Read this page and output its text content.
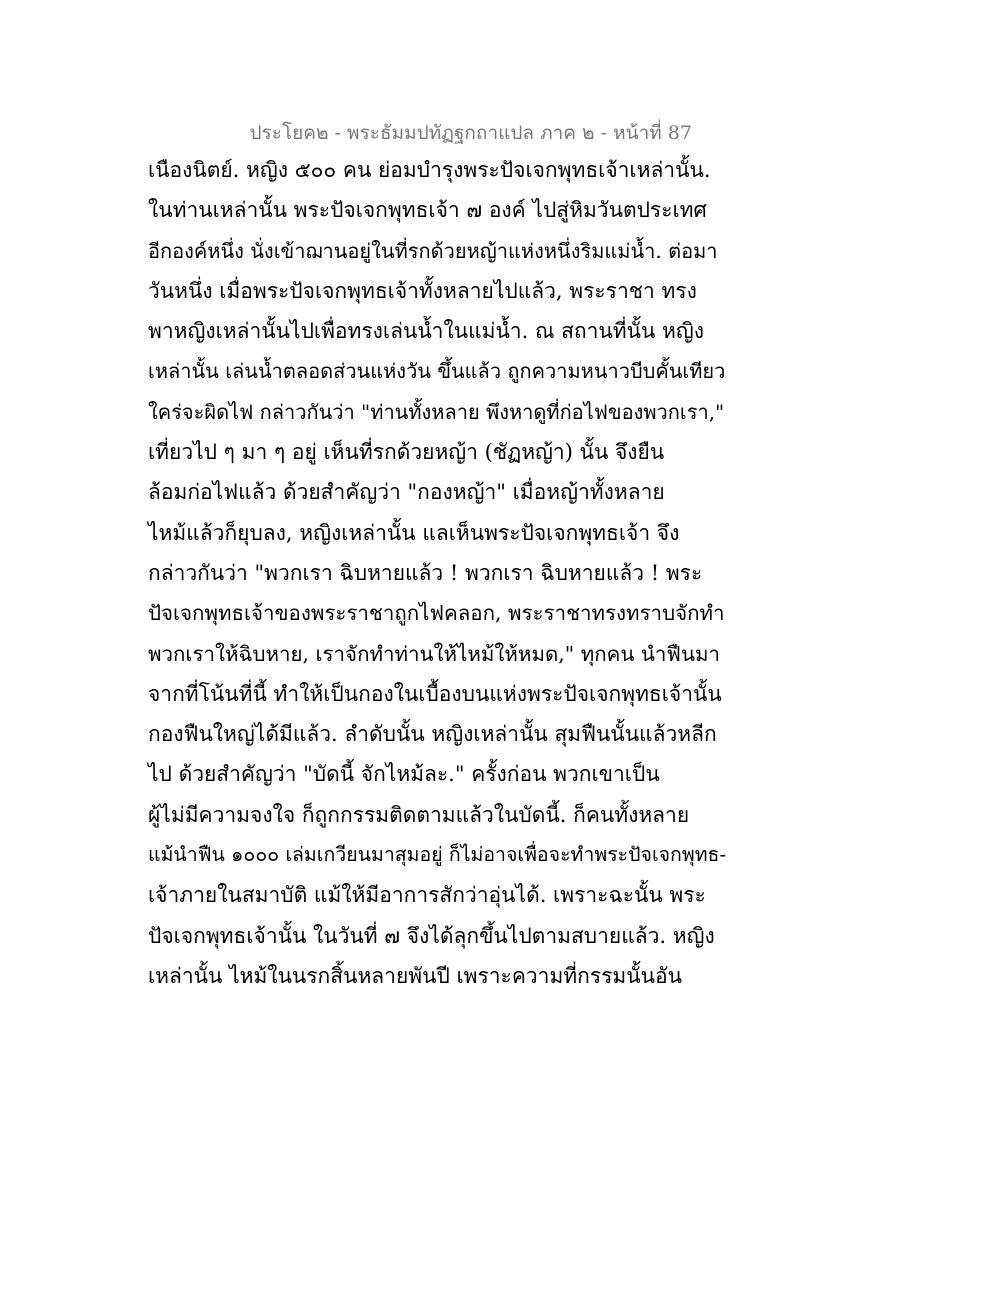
ประโยค๒ - พระธัมมปทัฏฐกถาแปล ภาค ๒ - หน้าที่ 87
เนืองนิตย์. หญิง ๕๐๐ คน ย่อมบำรุงพระปัจเจกพุทธเจ้าเหล่านั้น.
ในท่านเหล่านั้น พระปัจเจกพุทธเจ้า ๗ องค์ ไปสู่หิมวันตประเทศ
อีกองค์หนึ่ง นั่งเข้าฌานอยู่ในที่รกด้วยหญ้าแห่งหนึ่งริมแม่น้ำ. ต่อมา
วันหนึ่ง เมื่อพระปัจเจกพุทธเจ้าทั้งหลายไปแล้ว, พระราชา ทรง
พาหญิงเหล่านั้นไปเพื่อทรงเล่นน้ำในแม่น้ำ. ณ สถานที่นั้น หญิง
เหล่านั้น เล่นน้ำตลอดส่วนแห่งวัน ขึ้นแล้ว ถูกความหนาวบีบคั้นเทียว
ใคร่จะผิดไฟ กล่าวกันว่า "ท่านทั้งหลาย พึงหาดูที่ก่อไฟของพวกเรา,"
เที่ยวไป ๆ มา ๆ อยู่ เห็นที่รกด้วยหญ้า (ชัฏหญ้า) นั้น จึงยืน
ล้อมก่อไฟแล้ว ด้วยสำคัญว่า "กองหญ้า" เมื่อหญ้าทั้งหลาย
ไหม้แล้วก็ยุบลง, หญิงเหล่านั้น แลเห็นพระปัจเจกพุทธเจ้า จึง
กล่าวกันว่า "พวกเรา ฉิบหายแล้ว ! พวกเรา ฉิบหายแล้ว ! พระ
ปัจเจกพุทธเจ้าของพระราชาถูกไฟคลอก, พระราชาทรงทราบจักทำ
พวกเราให้ฉิบหาย, เราจักทำท่านให้ไหม้ให้หมด," ทุกคน นำฟืนมา
จากที่โน้นที่นี้ ทำให้เป็นกองในเบื้องบนแห่งพระปัจเจกพุทธเจ้านั้น
กองฟืนใหญ่ได้มีแล้ว. ลำดับนั้น หญิงเหล่านั้น สุมฟืนนั้นแล้วหลีก
ไป ด้วยสำคัญว่า "บัดนี้ จักไหม้ละ." ครั้งก่อน พวกเขาเป็น
ผู้ไม่มีความจงใจ ก็ถูกกรรมติดตามแล้วในบัดนี้. ก็คนทั้งหลาย
แม้นำฟืน ๑๐๐๐ เล่มเกวียนมาสุมอยู่ ก็ไม่อาจเพื่อจะทำพระปัจเจกพุทธ-
เจ้าภายในสมาบัติ แม้ให้มีอาการสักว่าอุ่นได้. เพราะฉะนั้น พระ
ปัจเจกพุทธเจ้านั้น ในวันที่ ๗ จึงได้ลุกขึ้นไปตามสบายแล้ว. หญิง
เหล่านั้น ไหม้ในนรกสิ้นหลายพันปี เพราะความที่กรรมนั้นอัน
